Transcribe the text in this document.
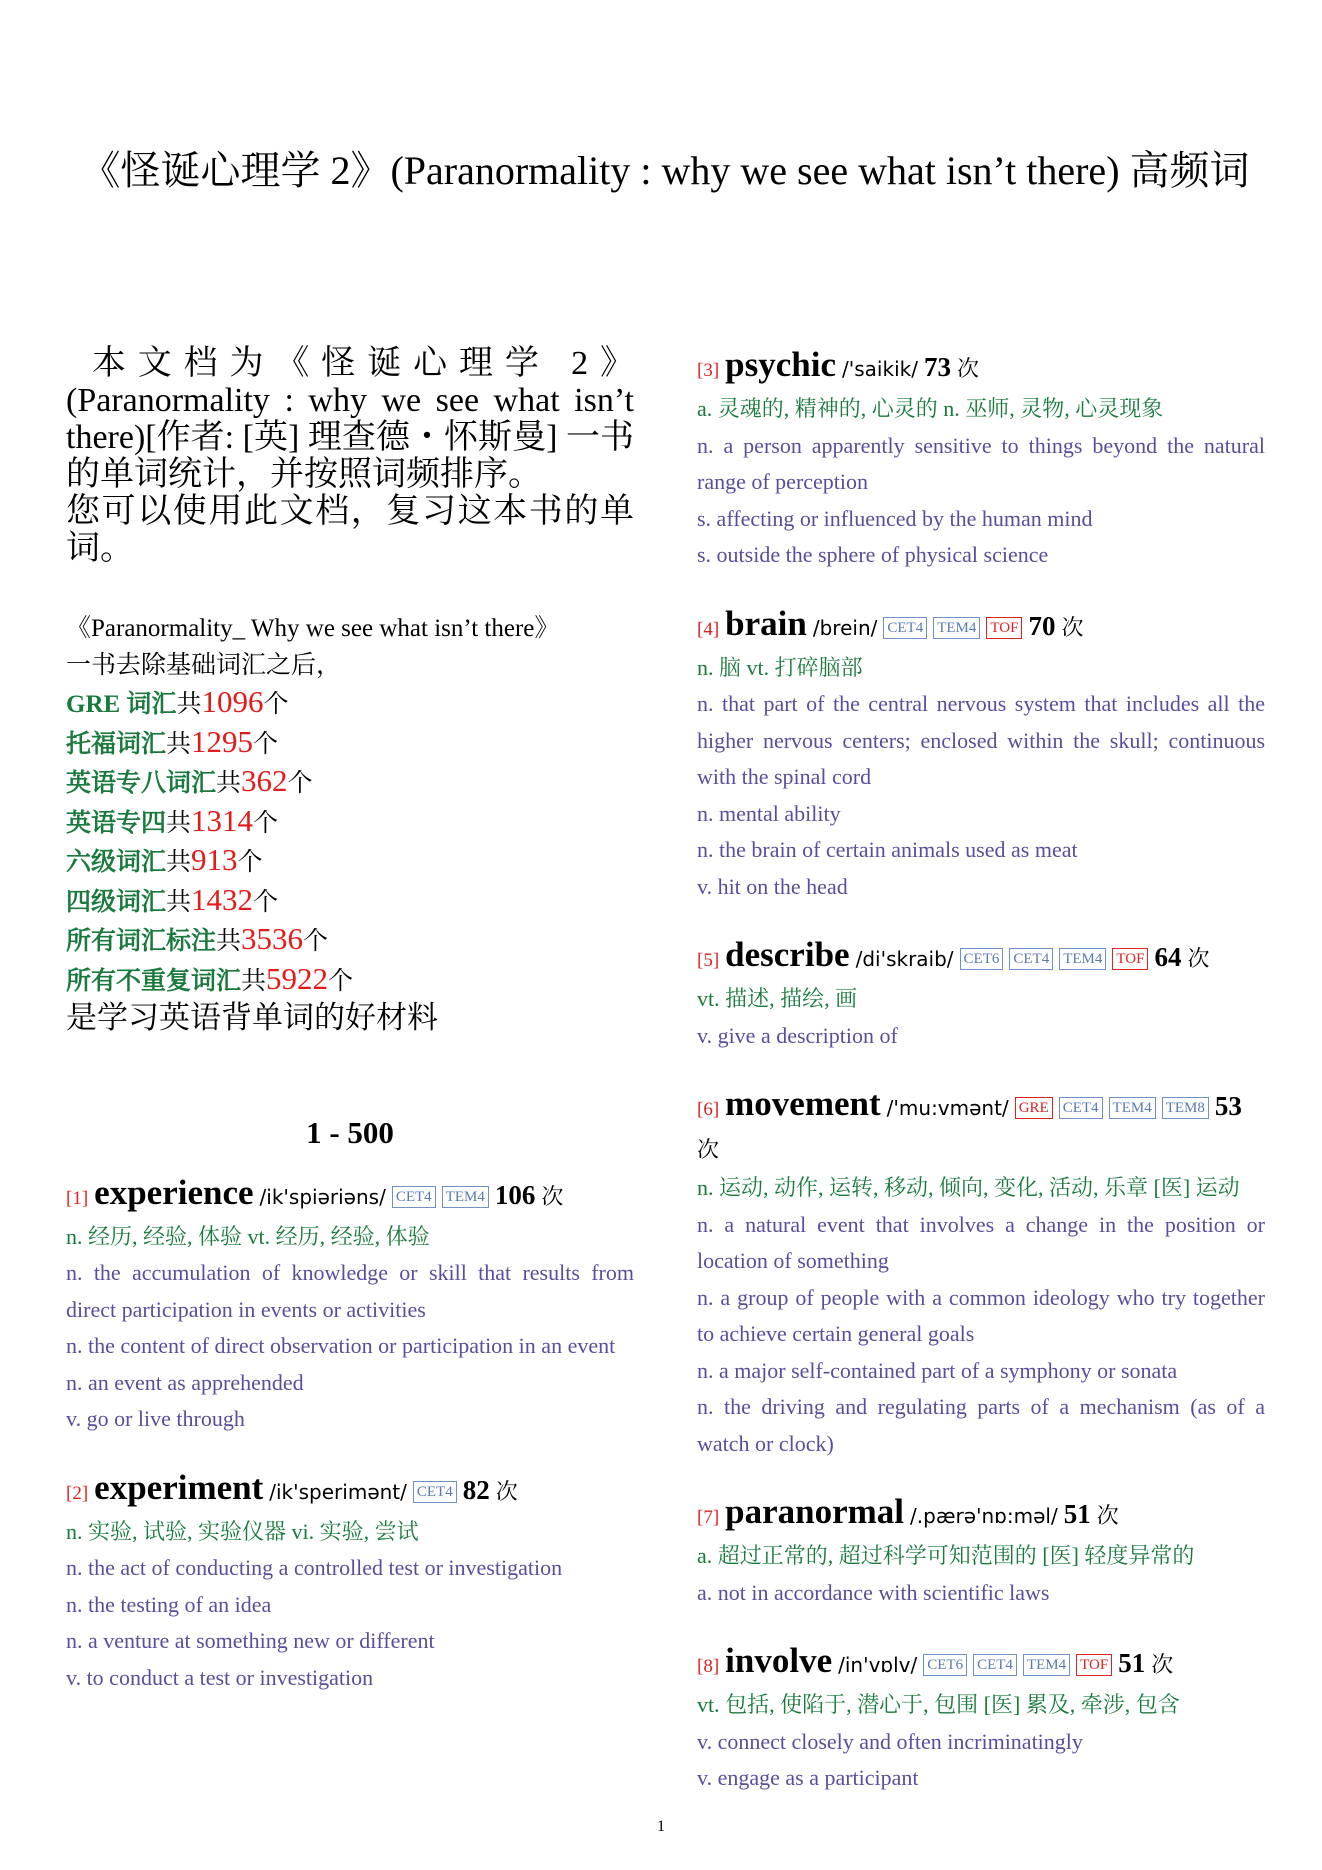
《怪诞心理学 2》(Paranormality : why we see what isn’t there) 高频词
本文档为《怪诞心理学 2》(Paranormality : why we see what isn’t there)[作者: [英] 理查德・怀斯曼] 一书的单词统计，并按照词频排序。
您可以使用此文档，复习这本书的单词。
《Paranormality_ Why we see what isn’t there》
一书去除基础词汇之后，
GRE 词汇共1096个
托福词汇共1295个
英语专八词汇共362个
英语专四共1314个
六级词汇共913个
四级词汇共1432个
所有词汇标注共3536个
所有不重复词汇共5922个
是学习英语背单词的好材料
1 - 500
[1] experience /ik'spiəriəns/ CET4 TEM4 106 次
n. 经历, 经验, 体验 vt. 经历, 经验, 体验
n. the accumulation of knowledge or skill that results from direct participation in events or activities
n. the content of direct observation or participation in an event
n. an event as apprehended
v. go or live through
[2] experiment /ik'sperimənt/ CET4 82 次
n. 实验, 试验, 实验仪器 vi. 实验, 尝试
n. the act of conducting a controlled test or investigation
n. the testing of an idea
n. a venture at something new or different
v. to conduct a test or investigation
[3] psychic /'saikik/ 73 次
a. 灵魂的, 精神的, 心灵的 n. 巫师, 灵物, 心灵现象
n. a person apparently sensitive to things beyond the natural range of perception
s. affecting or influenced by the human mind
s. outside the sphere of physical science
[4] brain /brein/ CET4 TEM4 TOF 70 次
n. 脑 vt. 打碎脑部
n. that part of the central nervous system that includes all the higher nervous centers; enclosed within the skull; continuous with the spinal cord
n. mental ability
n. the brain of certain animals used as meat
v. hit on the head
[5] describe /di'skraib/ CET6 CET4 TEM4 TOF 64 次
vt. 描述, 描绘, 画
v. give a description of
[6] movement /'mu:vmənt/ GRE CET4 TEM4 TEM8 53 次
n. 运动, 动作, 运转, 移动, 倾向, 变化, 活动, 乐章 [医] 运动
n. a natural event that involves a change in the position or location of something
n. a group of people with a common ideology who try together to achieve certain general goals
n. a major self-contained part of a symphony or sonata
n. the driving and regulating parts of a mechanism (as of a watch or clock)
[7] paranormal /.pærə'nɒ:məl/ 51 次
a. 超过正常的, 超过科学可知范围的 [医] 轻度异常的
a. not in accordance with scientific laws
[8] involve /in'vɒlv/ CET6 CET4 TEM4 TOF 51 次
vt. 包括, 使陷于, 潜心于, 包围 [医] 累及, 牵涉, 包含
v. connect closely and often incriminatingly
v. engage as a participant
1
